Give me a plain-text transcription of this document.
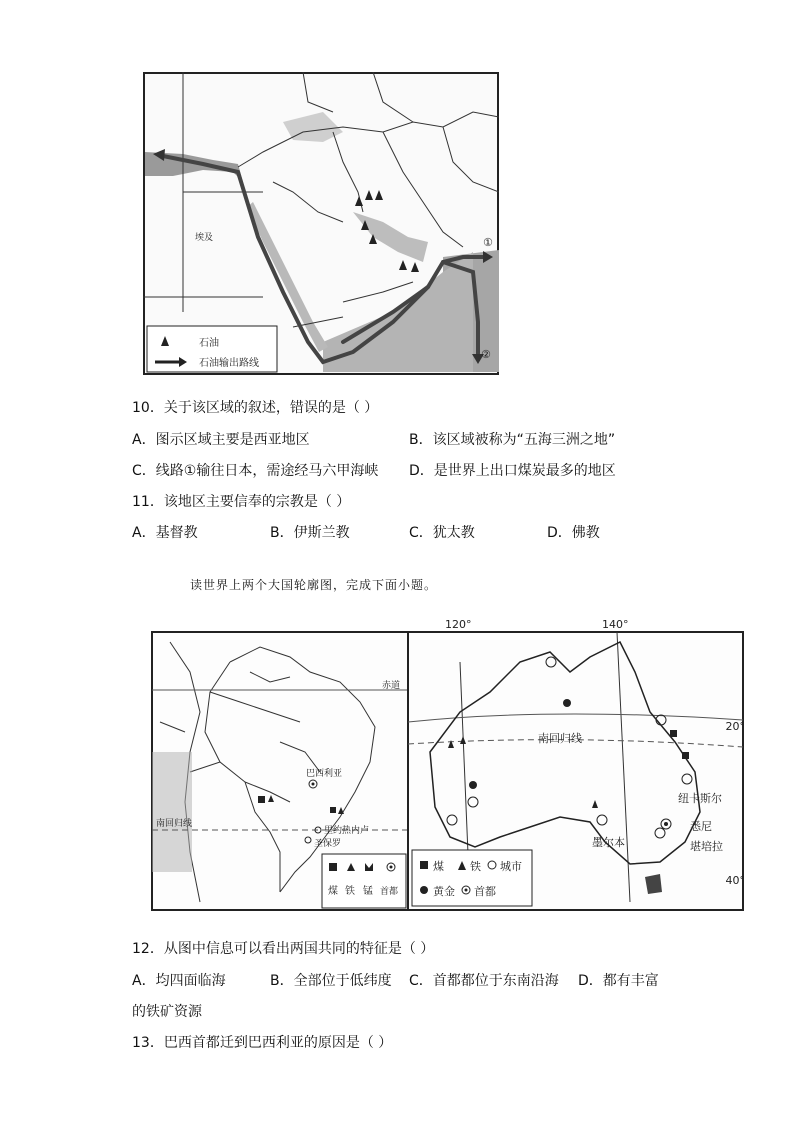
埃及	①
②
石油
石油输出路线
10．关于该区域的叙述，错误的是（ ）
A．图示区域主要是西亚地区	B．该区域被称为“五海三洲之地”
C．线路①输往日本，需途经马六甲海峡 D．是世界上出口煤炭最多的地区
11．该地区主要信奉的宗教是（ ）
A．基督教	B．伊斯兰教	C．犹太教	D．佛教
读世界上两个大国轮廓图，完成下面小题。
赤道
南回归线
巴西利亚
里约热内卢
圣保罗
煤 铁 锰 首都
120°	140°
20°
40°
南回归线
纽卡斯尔
悉尼
堪培拉
墨尔本
煤 铁 城市
黄金 首都
12．从图中信息可以看出两国共同的特征是（ ）
A．均四面临海	B．全部位于低纬度 C．首都都位于东南沿海 D．都有丰富
的铁矿资源
13．巴西首都迁到巴西利亚的原因是（ ）
